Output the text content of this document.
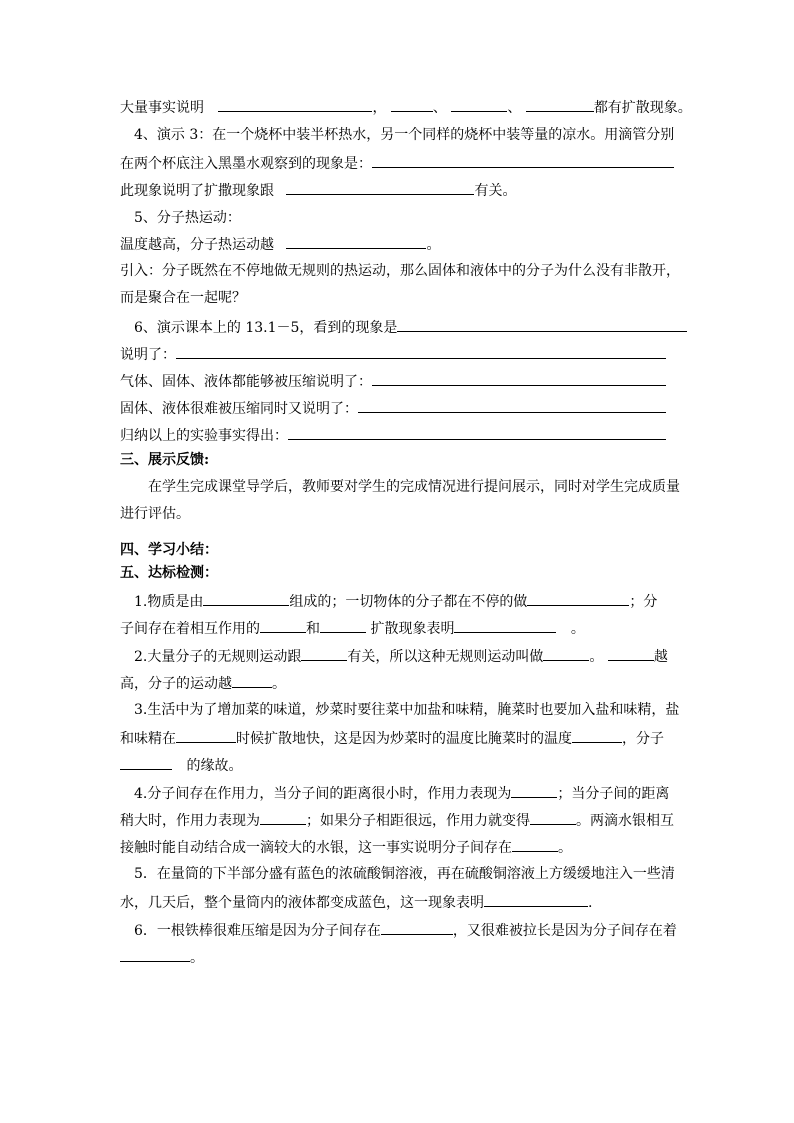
大量事实说明	，	、	、	都有扩散现象。
4、演示 3：在一个烧杯中装半杯热水，另一个同样的烧杯中装等量的凉水。用滴管分别
在两个杯底注入黑墨水观察到的现象是：
此现象说明了扩撒现象跟	有关。
5、分子热运动：
温度越高，分子热运动越	。
引入：分子既然在不停地做无规则的热运动，那么固体和液体中的分子为什么没有非散开，
而是聚合在一起呢？
6、演示课本上的 13.1－5，看到的现象是
说明了：
气体、固体、液体都能够被压缩说明了：
固体、液体很难被压缩同时又说明了：
归纳以上的实验事实得出：
三、展示反馈:
在学生完成课堂导学后，教师要对学生的完成情况进行提问展示，同时对学生完成质量
进行评估。
四、学习小结：
五、达标检测：
1.物质是由	组成的；一切物体的分子都在不停的做	；分
子间存在着相互作用的	和	扩散现象表明	。
2.大量分子的无规则运动跟	有关，所以这种无规则运动叫做	。	越
高，分子的运动越	。
3.生活中为了增加菜的味道，炒菜时要往菜中加盐和味精，腌菜时也要加入盐和味精，盐
和味精在	时候扩散地快，这是因为炒菜时的温度比腌菜时的温度	，分子
的缘故。
4.分子间存在作用力，当分子间的距离很小时，作用力表现为	；当分子间的距离
稍大时，作用力表现为	；如果分子相距很远，作用力就变得	。两滴水银相互
接触时能自动结合成一滴较大的水银，这一事实说明分子间存在	。
5．在量筒的下半部分盛有蓝色的浓硫酸铜溶液，再在硫酸铜溶液上方缓缓地注入一些清
水，几天后，整个量筒内的液体都变成蓝色，这一现象表明	.
6．一根铁棒很难压缩是因为分子间存在	，又很难被拉长是因为分子间存在着
。
